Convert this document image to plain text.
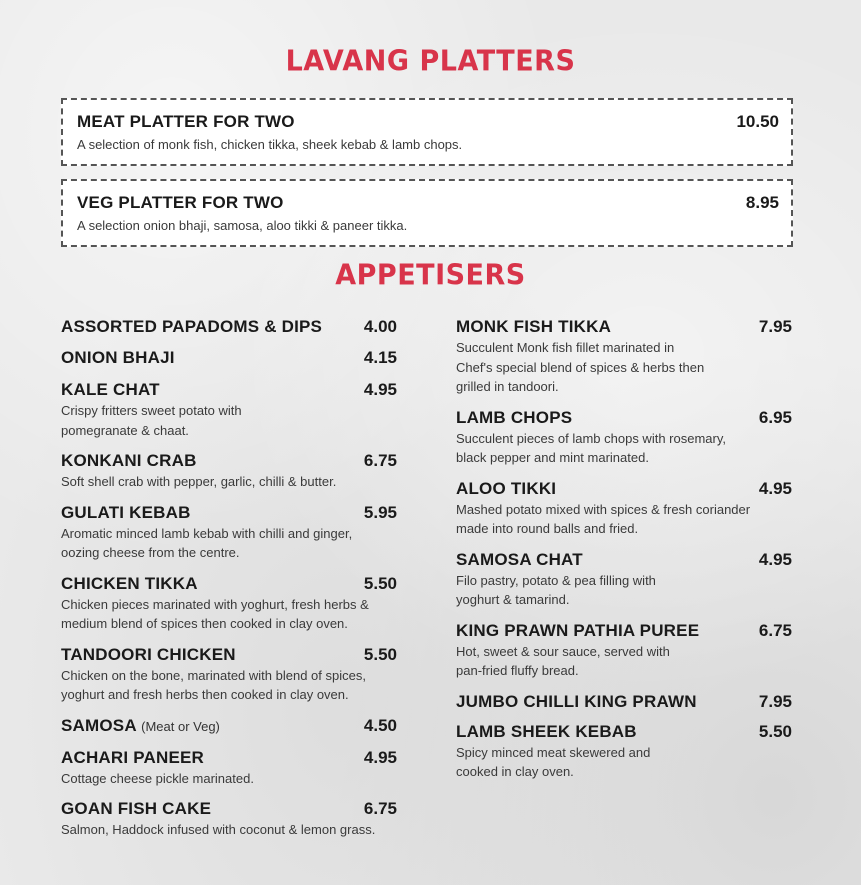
LAVANG PLATTERS
MEAT PLATTER FOR TWO	10.50
A selection of monk fish, chicken tikka, sheek kebab & lamb chops.
VEG PLATTER FOR TWO	8.95
A selection onion bhaji, samosa, aloo tikki & paneer tikka.
APPETISERS
ASSORTED PAPADOMS & DIPS	4.00
ONION BHAJI	4.15
KALE CHAT	4.95
Crispy fritters sweet potato with
pomegranate & chaat.
KONKANI CRAB	6.75
Soft shell crab with pepper, garlic, chilli & butter.
GULATI KEBAB	5.95
Aromatic minced lamb kebab with chilli and ginger,
oozing cheese from the centre.
CHICKEN TIKKA	5.50
Chicken pieces marinated with yoghurt, fresh herbs &
medium blend of spices then cooked in clay oven.
TANDOORI CHICKEN	5.50
Chicken on the bone, marinated with blend of spices,
yoghurt and fresh herbs then cooked in clay oven.
SAMOSA (Meat or Veg)	4.50
ACHARI PANEER	4.95
Cottage cheese pickle marinated.
GOAN FISH CAKE	6.75
Salmon, Haddock infused with coconut & lemon grass.
MONK FISH TIKKA	7.95
Succulent Monk fish fillet marinated in
Chef's special blend of spices & herbs then
grilled in tandoori.
LAMB CHOPS	6.95
Succulent pieces of lamb chops with rosemary,
black pepper and mint marinated.
ALOO TIKKI	4.95
Mashed potato mixed with spices & fresh coriander
made into round balls and fried.
SAMOSA CHAT	4.95
Filo pastry, potato & pea filling with
yoghurt & tamarind.
KING PRAWN PATHIA PUREE	6.75
Hot, sweet & sour sauce, served with
pan-fried fluffy bread.
JUMBO CHILLI KING PRAWN	7.95
LAMB SHEEK KEBAB	5.50
Spicy minced meat skewered and
cooked in clay oven.
